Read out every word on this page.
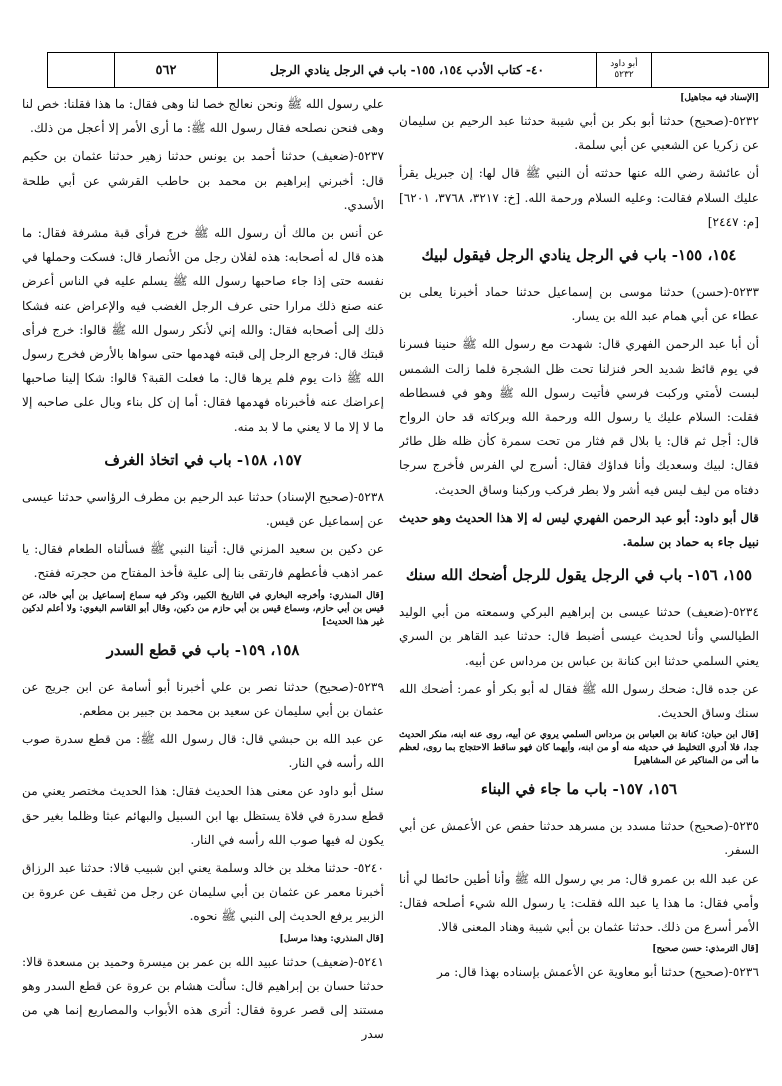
٥٦٢	٤٠- كتاب الأدب ١٥٤، ١٥٥- باب في الرجل ينادي الرجل	أبو داود
٥٢٣٢

[الإسناد فيه مجاهيل]

٥٢٣٢-(صحيح) حدثنا أبو بكر بن أبي شيبة حدثنا عبد الرحيم بن سليمان عن زكريا عن الشعبي عن أبي سلمة.

أن عائشة رضي الله عنها حدثته أن النبي ﷺ قال لها: إن جبريل يقرأ عليك السلام فقالت: وعليه السلام ورحمة الله. [خ: ٣٢١٧، ٣٧٦٨، ٦٢٠١] [م: ٢٤٤٧]

١٥٤، ١٥٥- باب في الرجل ينادي الرجل فيقول لبيك

٥٢٣٣-(حسن) حدثنا موسى بن إسماعيل حدثنا حماد أخبرنا يعلى بن عطاء عن أبي همام عبد الله بن يسار.

أن أبا عبد الرحمن الفهري قال: شهدت مع رسول الله ﷺ حنينا فسرنا في يوم قائظ شديد الحر فنزلنا تحت ظل الشجرة فلما زالت الشمس لبست لأمتي وركبت فرسي فأتيت رسول الله ﷺ وهو في فسطاطه فقلت: السلام عليك يا رسول الله ورحمة الله وبركاته قد حان الرواح قال: أجل ثم قال: يا بلال قم فثار من تحت سمرة كأن ظله ظل طائر فقال: لبيك وسعديك وأنا فداؤك فقال: أسرج لي الفرس فأخرج سرجا دفتاه من ليف ليس فيه أشر ولا بطر فركب وركبنا وساق الحديث.

قال أبو داود: أبو عبد الرحمن الفهري ليس له إلا هذا الحديث وهو حديث نبيل جاء به حماد بن سلمة.

١٥٥، ١٥٦- باب في الرجل يقول للرجل أضحك الله سنك

٥٢٣٤-(ضعيف) حدثنا عيسى بن إبراهيم البركي وسمعته من أبي الوليد الطيالسي وأنا لحديث عيسى أضبط قال: حدثنا عبد القاهر بن السري يعني السلمي حدثنا ابن كنانة بن عباس بن مرداس عن أبيه.

عن جده قال: ضحك رسول الله ﷺ فقال له أبو بكر أو عمر: أضحك الله سنك وساق الحديث.

[قال ابن حبان: كنانة بن العباس بن مرداس السلمي يروي عن أبيه، روى عنه ابنه، منكر الحديث جدا، فلا أدري التخليط في حديثه منه أو من ابنه، وأيهما كان فهو ساقط الاحتجاج بما روى، لعظم ما أتى من المناكير عن المشاهير]

١٥٦، ١٥٧- باب ما جاء في البناء

٥٢٣٥-(صحيح) حدثنا مسدد بن مسرهد حدثنا حفص عن الأعمش عن أبي السفر.

عن عبد الله بن عمرو قال: مر بي رسول الله ﷺ وأنا أطين حائطا لي أنا وأمي فقال: ما هذا يا عبد الله فقلت: يا رسول الله شيء أصلحه فقال: الأمر أسرع من ذلك. حدثنا عثمان بن أبي شيبة وهناد المعنى قالا.

[قال الترمذي: حسن صحيح]

٥٢٣٦-(صحيح) حدثنا أبو معاوية عن الأعمش بإسناده بهذا قال: مر

علي رسول الله ﷺ ونحن نعالج خصا لنا وهى فقال: ما هذا فقلنا: خص لنا وهى فنحن نصلحه فقال رسول الله ﷺ: ما أرى الأمر إلا أعجل من ذلك.

٥٢٣٧-(ضعيف) حدثنا أحمد بن يونس حدثنا زهير حدثنا عثمان بن حكيم قال: أخبرني إبراهيم بن محمد بن حاطب القرشي عن أبي طلحة الأسدي.

عن أنس بن مالك أن رسول الله ﷺ خرج فرأى قبة مشرفة فقال: ما هذه قال له أصحابه: هذه لفلان رجل من الأنصار قال: فسكت وحملها في نفسه حتى إذا جاء صاحبها رسول الله ﷺ يسلم عليه في الناس أعرض عنه صنع ذلك مرارا حتى عرف الرجل الغضب فيه والإعراض عنه فشكا ذلك إلى أصحابه فقال: والله إني لأنكر رسول الله ﷺ قالوا: خرج فرأى قبتك قال: فرجع الرجل إلى قبته فهدمها حتى سواها بالأرض فخرج رسول الله ﷺ ذات يوم فلم يرها قال: ما فعلت القبة؟ قالوا: شكا إلينا صاحبها إعراضك عنه فأخبرناه فهدمها فقال: أما إن كل بناء وبال على صاحبه إلا ما لا إلا ما لا يعني ما لا بد منه.

١٥٧، ١٥٨- باب في اتخاذ الغرف

٥٢٣٨-(صحيح الإسناد) حدثنا عبد الرحيم بن مطرف الرؤاسي حدثنا عيسى عن إسماعيل عن قيس.

عن دكين بن سعيد المزني قال: أتينا النبي ﷺ فسألناه الطعام فقال: يا عمر اذهب فأعطهم فارتقى بنا إلى علية فأخذ المفتاح من حجرته ففتح.

[قال المنذري: وأخرجه البخاري في التاريخ الكبير، وذكر فيه سماع إسماعيل بن أبي خالد، عن قيس بن أبي حازم، وسماع قيس بن أبي حازم من دكين، وقال أبو القاسم البغوي: ولا أعلم لدكين غير هذا الحديث]

١٥٨، ١٥٩- باب في قطع السدر

٥٢٣٩-(صحيح) حدثنا نصر بن علي أخبرنا أبو أسامة عن ابن جريج عن عثمان بن أبي سليمان عن سعيد بن محمد بن جبير بن مطعم.

عن عبد الله بن حبشي قال: قال رسول الله ﷺ: من قطع سدرة صوب الله رأسه في النار.

سئل أبو داود عن معنى هذا الحديث فقال: هذا الحديث مختصر يعني من قطع سدرة في فلاة يستظل بها ابن السبيل والبهائم عبثا وظلما بغير حق يكون له فيها صوب الله رأسه في النار.

٥٢٤٠- حدثنا مخلد بن خالد وسلمة يعني ابن شبيب قالا: حدثنا عبد الرزاق أخبرنا معمر عن عثمان بن أبي سليمان عن رجل من ثقيف عن عروة بن الزبير يرفع الحديث إلى النبي ﷺ نحوه.

[قال المنذري: وهذا مرسل]

٥٢٤١-(ضعيف) حدثنا عبيد الله بن عمر بن ميسرة وحميد بن مسعدة قالا: حدثنا حسان بن إبراهيم قال: سألت هشام بن عروة عن قطع السدر وهو مستند إلى قصر عروة فقال: أترى هذه الأبواب والمصاريع إنما هي من سدر
